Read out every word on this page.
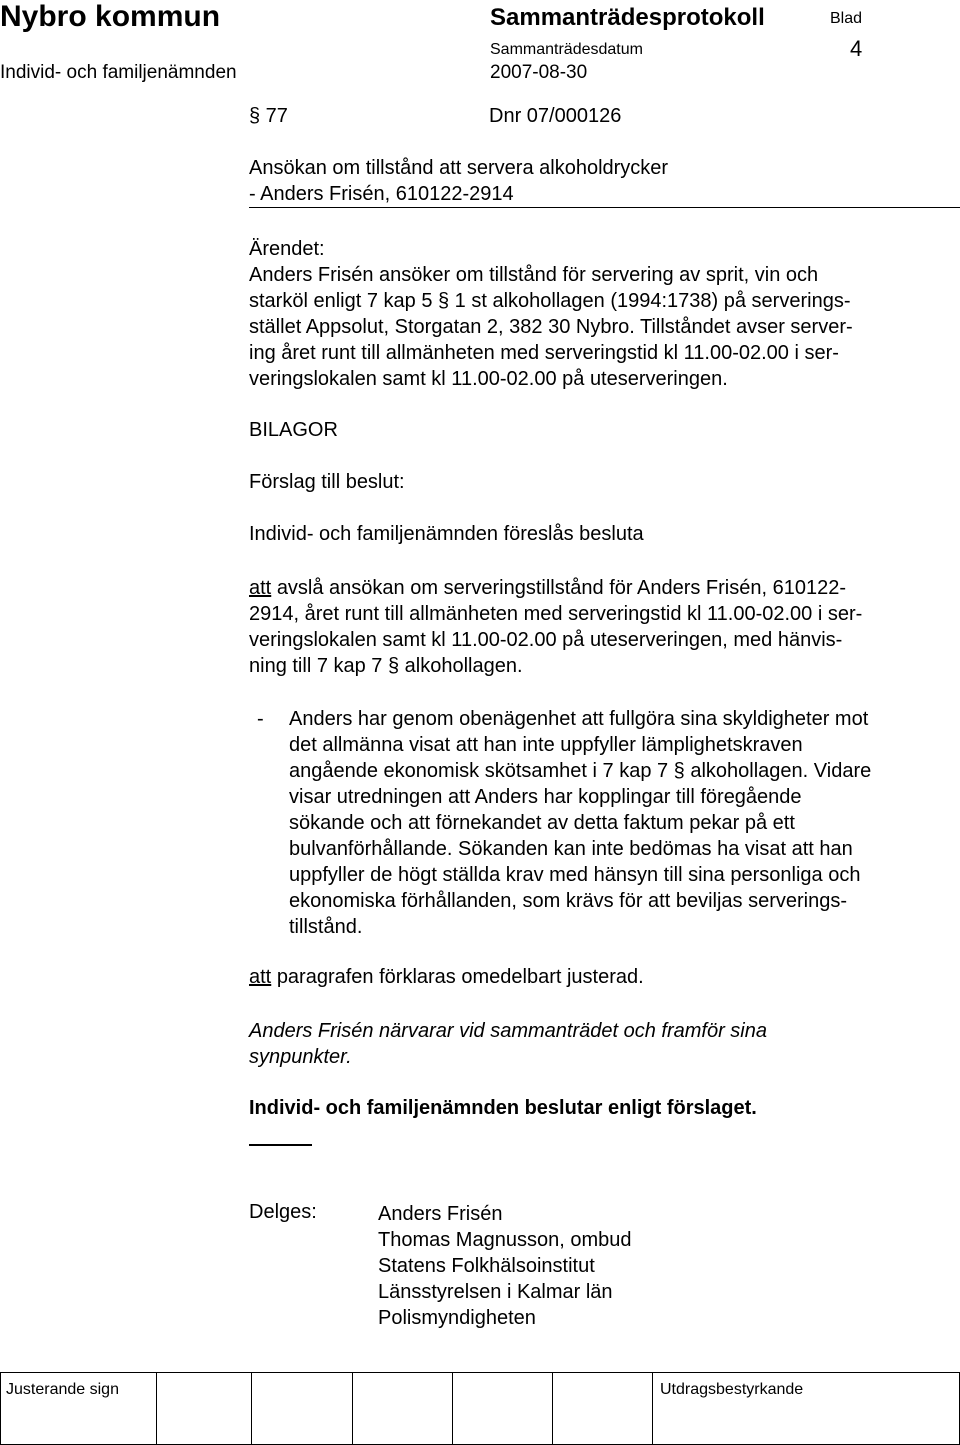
Nybro kommun
Individ- och familjenämnden
Sammanträdesprotokoll
Sammanträdesdatum
2007-08-30
Blad
4
§ 77	Dnr 07/000126
Ansökan om tillstånd att servera alkoholdrycker
- Anders Frisén, 610122-2914
Ärendet:
Anders Frisén ansöker om tillstånd för servering av sprit, vin och
starköl enligt 7 kap 5 § 1 st alkohollagen (1994:1738) på serverings-
stället Appsolut, Storgatan 2, 382 30 Nybro. Tillståndet avser server-
ing året runt till allmänheten med serveringstid kl 11.00-02.00 i ser-
veringslokalen samt kl 11.00-02.00 på uteserveringen.
BILAGOR
Förslag till beslut:
Individ- och familjenämnden föreslås besluta
att avslå ansökan om serveringstillstånd för Anders Frisén, 610122-
2914, året runt till allmänheten med serveringstid kl 11.00-02.00 i ser-
veringslokalen samt kl 11.00-02.00 på uteserveringen, med hänvis-
ning till 7 kap 7 § alkohollagen.
- Anders har genom obenägenhet att fullgöra sina skyldigheter mot
det allmänna visat att han inte uppfyller lämplighetskraven
angående ekonomisk skötsamhet i 7 kap 7 § alkohollagen. Vidare
visar utredningen att Anders har kopplingar till föregående
sökande och att förnekandet av detta faktum pekar på ett
bulvanförhållande. Sökanden kan inte bedömas ha visat att han
uppfyller de högt ställda krav med hänsyn till sina personliga och
ekonomiska förhållanden, som krävs för att beviljas serverings-
tillstånd.
att paragrafen förklaras omedelbart justerad.
Anders Frisén närvarar vid sammanträdet och framför sina
synpunkter.
Individ- och familjenämnden beslutar enligt förslaget.
Delges:	Anders Frisén
Thomas Magnusson, ombud
Statens Folkhälsoinstitut
Länsstyrelsen i Kalmar län
Polismyndigheten
Justerande sign	Utdragsbestyrkande
